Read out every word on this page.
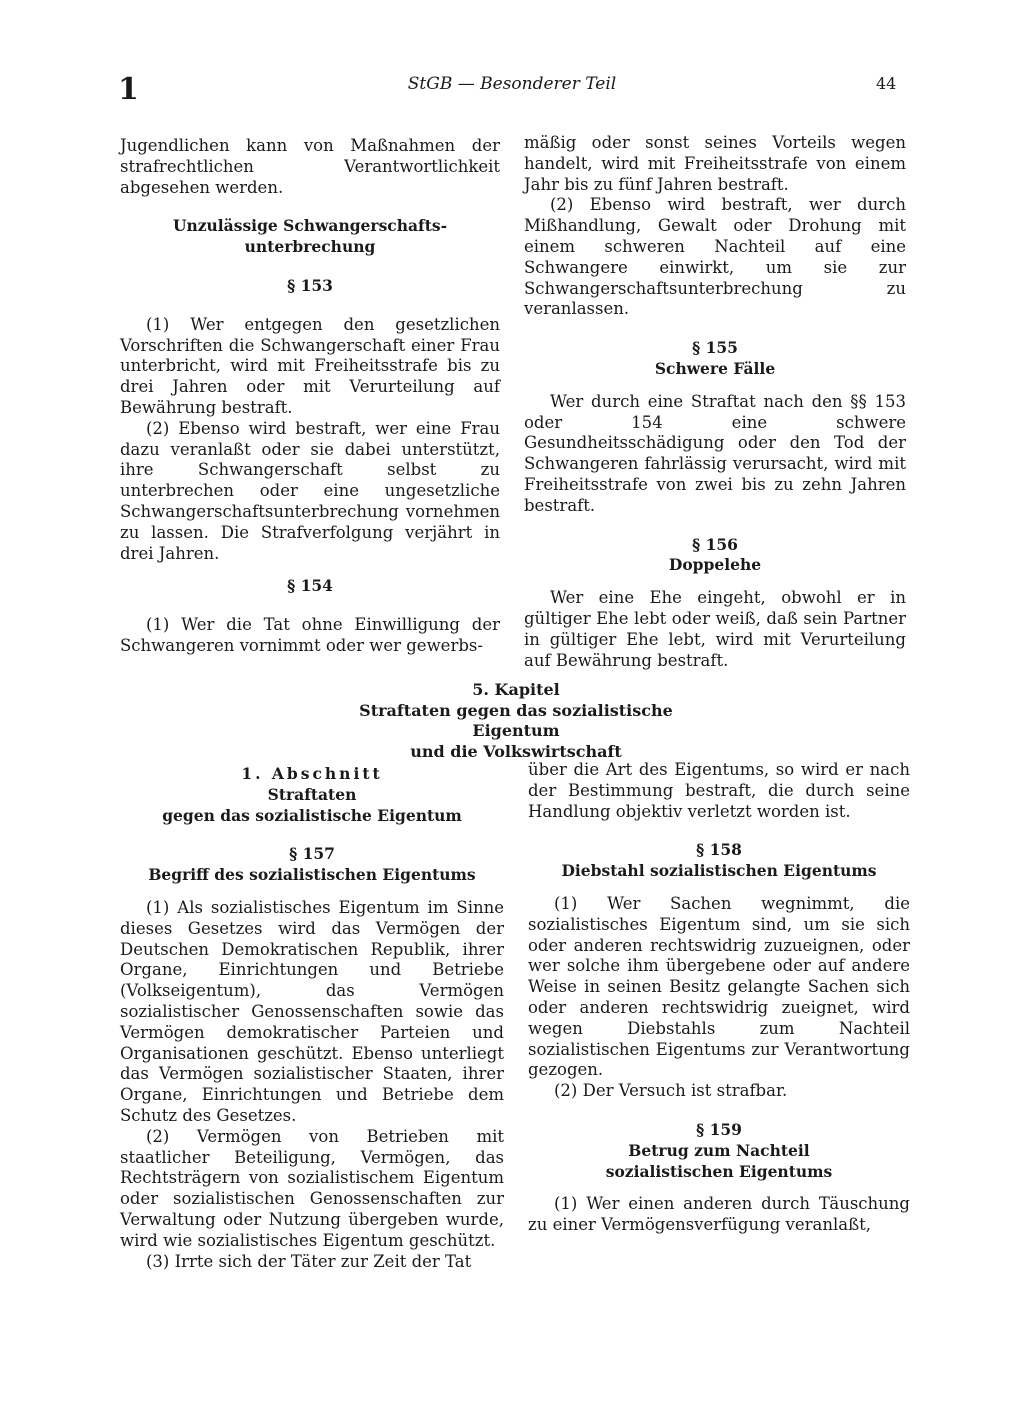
1	StGB — Besonderer Teil	44

Jugendlichen kann von Maßnahmen der strafrechtlichen Verantwortlichkeit abgesehen werden.

Unzulässige Schwangerschafts-

unterbrechung

§ 153

(1) Wer entgegen den gesetzlichen Vorschriften die Schwangerschaft einer Frau unterbricht, wird mit Freiheitsstrafe bis zu drei Jahren oder mit Verurteilung auf Bewährung bestraft.

(2) Ebenso wird bestraft, wer eine Frau dazu veranlaßt oder sie dabei unterstützt, ihre Schwangerschaft selbst zu unterbrechen oder eine ungesetzliche Schwangerschaftsunterbrechung vornehmen zu lassen. Die Strafverfolgung verjährt in drei Jahren.

§ 154

(1) Wer die Tat ohne Einwilligung der Schwangeren vornimmt oder wer gewerbs-

mäßig oder sonst seines Vorteils wegen handelt, wird mit Freiheitsstrafe von einem Jahr bis zu fünf Jahren bestraft.

(2) Ebenso wird bestraft, wer durch Mißhandlung, Gewalt oder Drohung mit einem schweren Nachteil auf eine Schwangere einwirkt, um sie zur Schwangerschaftsunterbrechung zu veranlassen.

§ 155

Schwere Fälle

Wer durch eine Straftat nach den §§ 153 oder 154 eine schwere Gesundheitsschädigung oder den Tod der Schwangeren fahrlässig verursacht, wird mit Freiheitsstrafe von zwei bis zu zehn Jahren bestraft.

§ 156

Doppelehe

Wer eine Ehe eingeht, obwohl er in gültiger Ehe lebt oder weiß, daß sein Partner in gültiger Ehe lebt, wird mit Verurteilung auf Bewährung bestraft.

5. Kapitel
Straftaten gegen das sozialistische Eigentum
und die Volkswirtschaft

1. Abschnitt

Straftaten

gegen das sozialistische Eigentum

§ 157

Begriff des sozialistischen Eigentums

(1) Als sozialistisches Eigentum im Sinne dieses Gesetzes wird das Vermögen der Deutschen Demokratischen Republik, ihrer Organe, Einrichtungen und Betriebe (Volkseigentum), das Vermögen sozialistischer Genossenschaften sowie das Vermögen demokratischer Parteien und Organisationen geschützt. Ebenso unterliegt das Vermögen sozialistischer Staaten, ihrer Organe, Einrichtungen und Betriebe dem Schutz des Gesetzes.

(2) Vermögen von Betrieben mit staatlicher Beteiligung, Vermögen, das Rechtsträgern von sozialistischem Eigentum oder sozialistischen Genossenschaften zur Verwaltung oder Nutzung übergeben wurde, wird wie sozialistisches Eigentum geschützt.

(3) Irrte sich der Täter zur Zeit der Tat

über die Art des Eigentums, so wird er nach der Bestimmung bestraft, die durch seine Handlung objektiv verletzt worden ist.

§ 158

Diebstahl sozialistischen Eigentums

(1) Wer Sachen wegnimmt, die sozialistisches Eigentum sind, um sie sich oder anderen rechtswidrig zuzueignen, oder wer solche ihm übergebene oder auf andere Weise in seinen Besitz gelangte Sachen sich oder anderen rechtswidrig zueignet, wird wegen Diebstahls zum Nachteil sozialistischen Eigentums zur Verantwortung gezogen.

(2) Der Versuch ist strafbar.

§ 159

Betrug zum Nachteil

sozialistischen Eigentums

(1) Wer einen anderen durch Täuschung zu einer Vermögensverfügung veranlaßt,
